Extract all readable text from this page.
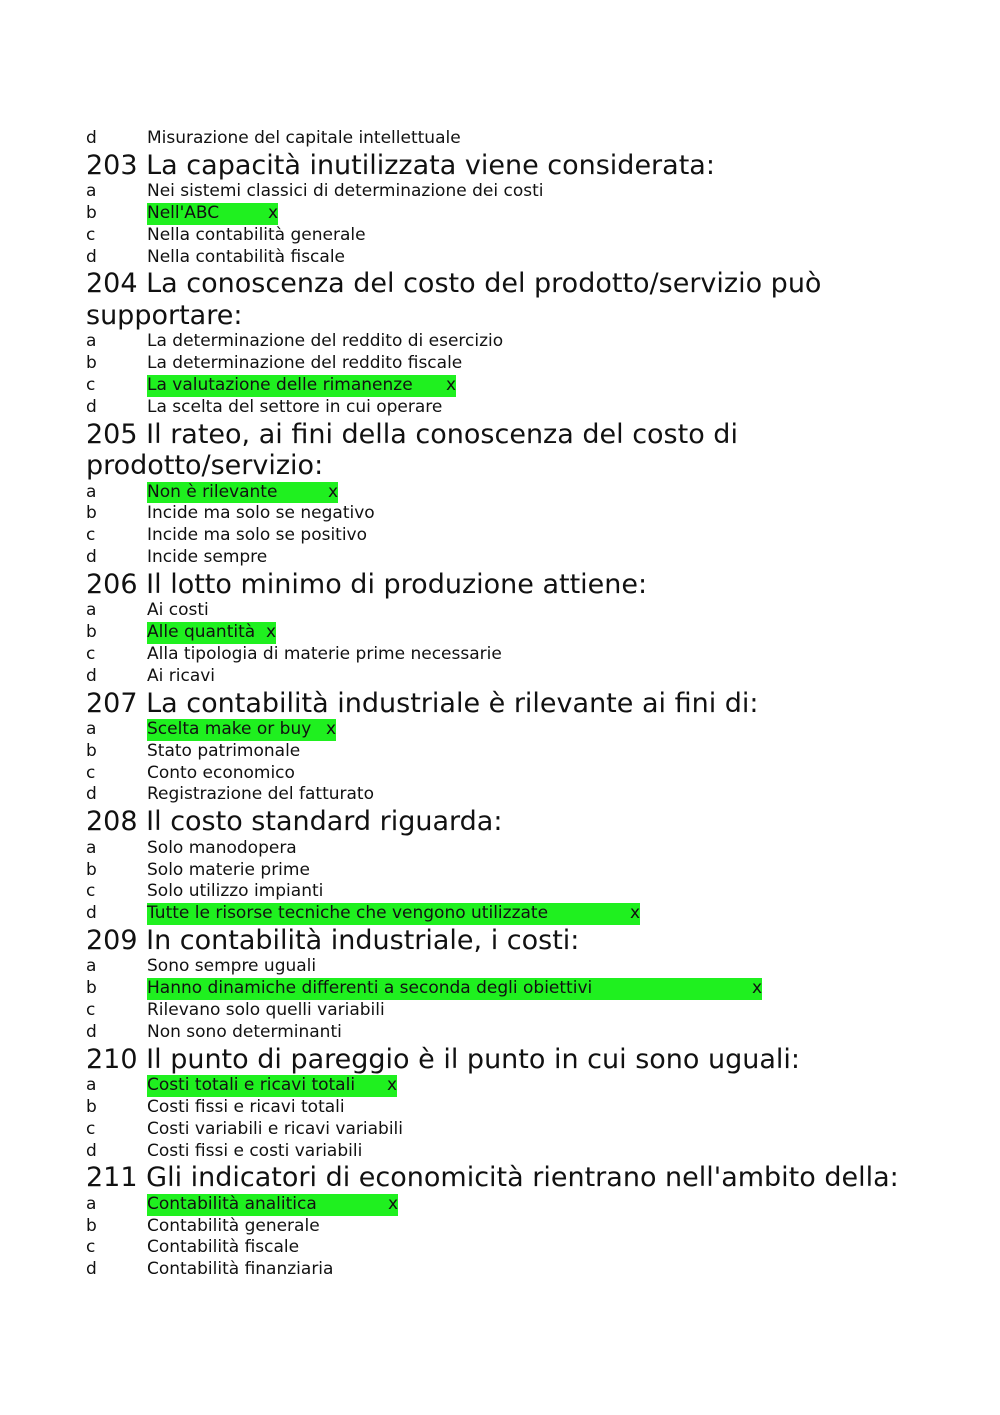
d	Misurazione del capitale intellettuale

203 La capacità inutilizzata viene considerata:

a	Nei sistemi classici di determinazione dei costi
b	Nell'ABC	x
c	Nella contabilità generale
d	Nella contabilità fiscale

204 La conoscenza del costo del prodotto/servizio può supportare:

a	La determinazione del reddito di esercizio
b	La determinazione del reddito fiscale
c	La valutazione delle rimanenze x
d	La scelta del settore in cui operare

205 Il rateo, ai fini della conoscenza del costo di prodotto/servizio:

a	Non è rilevante	x
b	Incide ma solo se negativo
c	Incide ma solo se positivo
d	Incide sempre

206 Il lotto minimo di produzione attiene:

a	Ai costi
b	Alle quantità x
c	Alla tipologia di materie prime necessarie
d	Ai ricavi

207 La contabilità industriale è rilevante ai fini di:

a	Scelta make or buy x
b	Stato patrimonale
c	Conto economico
d	Registrazione del fatturato

208 Il costo standard riguarda:

a	Solo manodopera
b	Solo materie prime
c	Solo utilizzo impianti
d	Tutte le risorse tecniche che vengono utilizzate	x

209 In contabilità industriale, i costi:

a	Sono sempre uguali
b	Hanno dinamiche differenti a seconda degli obiettivi	x
c	Rilevano solo quelli variabili
d	Non sono determinanti

210 Il punto di pareggio è il punto in cui sono uguali:

a	Costi totali e ricavi totali x
b	Costi fissi e ricavi totali
c	Costi variabili e ricavi variabili
d	Costi fissi e costi variabili

211 Gli indicatori di economicità rientrano nell'ambito della:

a	Contabilità analitica	x
b	Contabilità generale
c	Contabilità fiscale
d	Contabilità finanziaria
